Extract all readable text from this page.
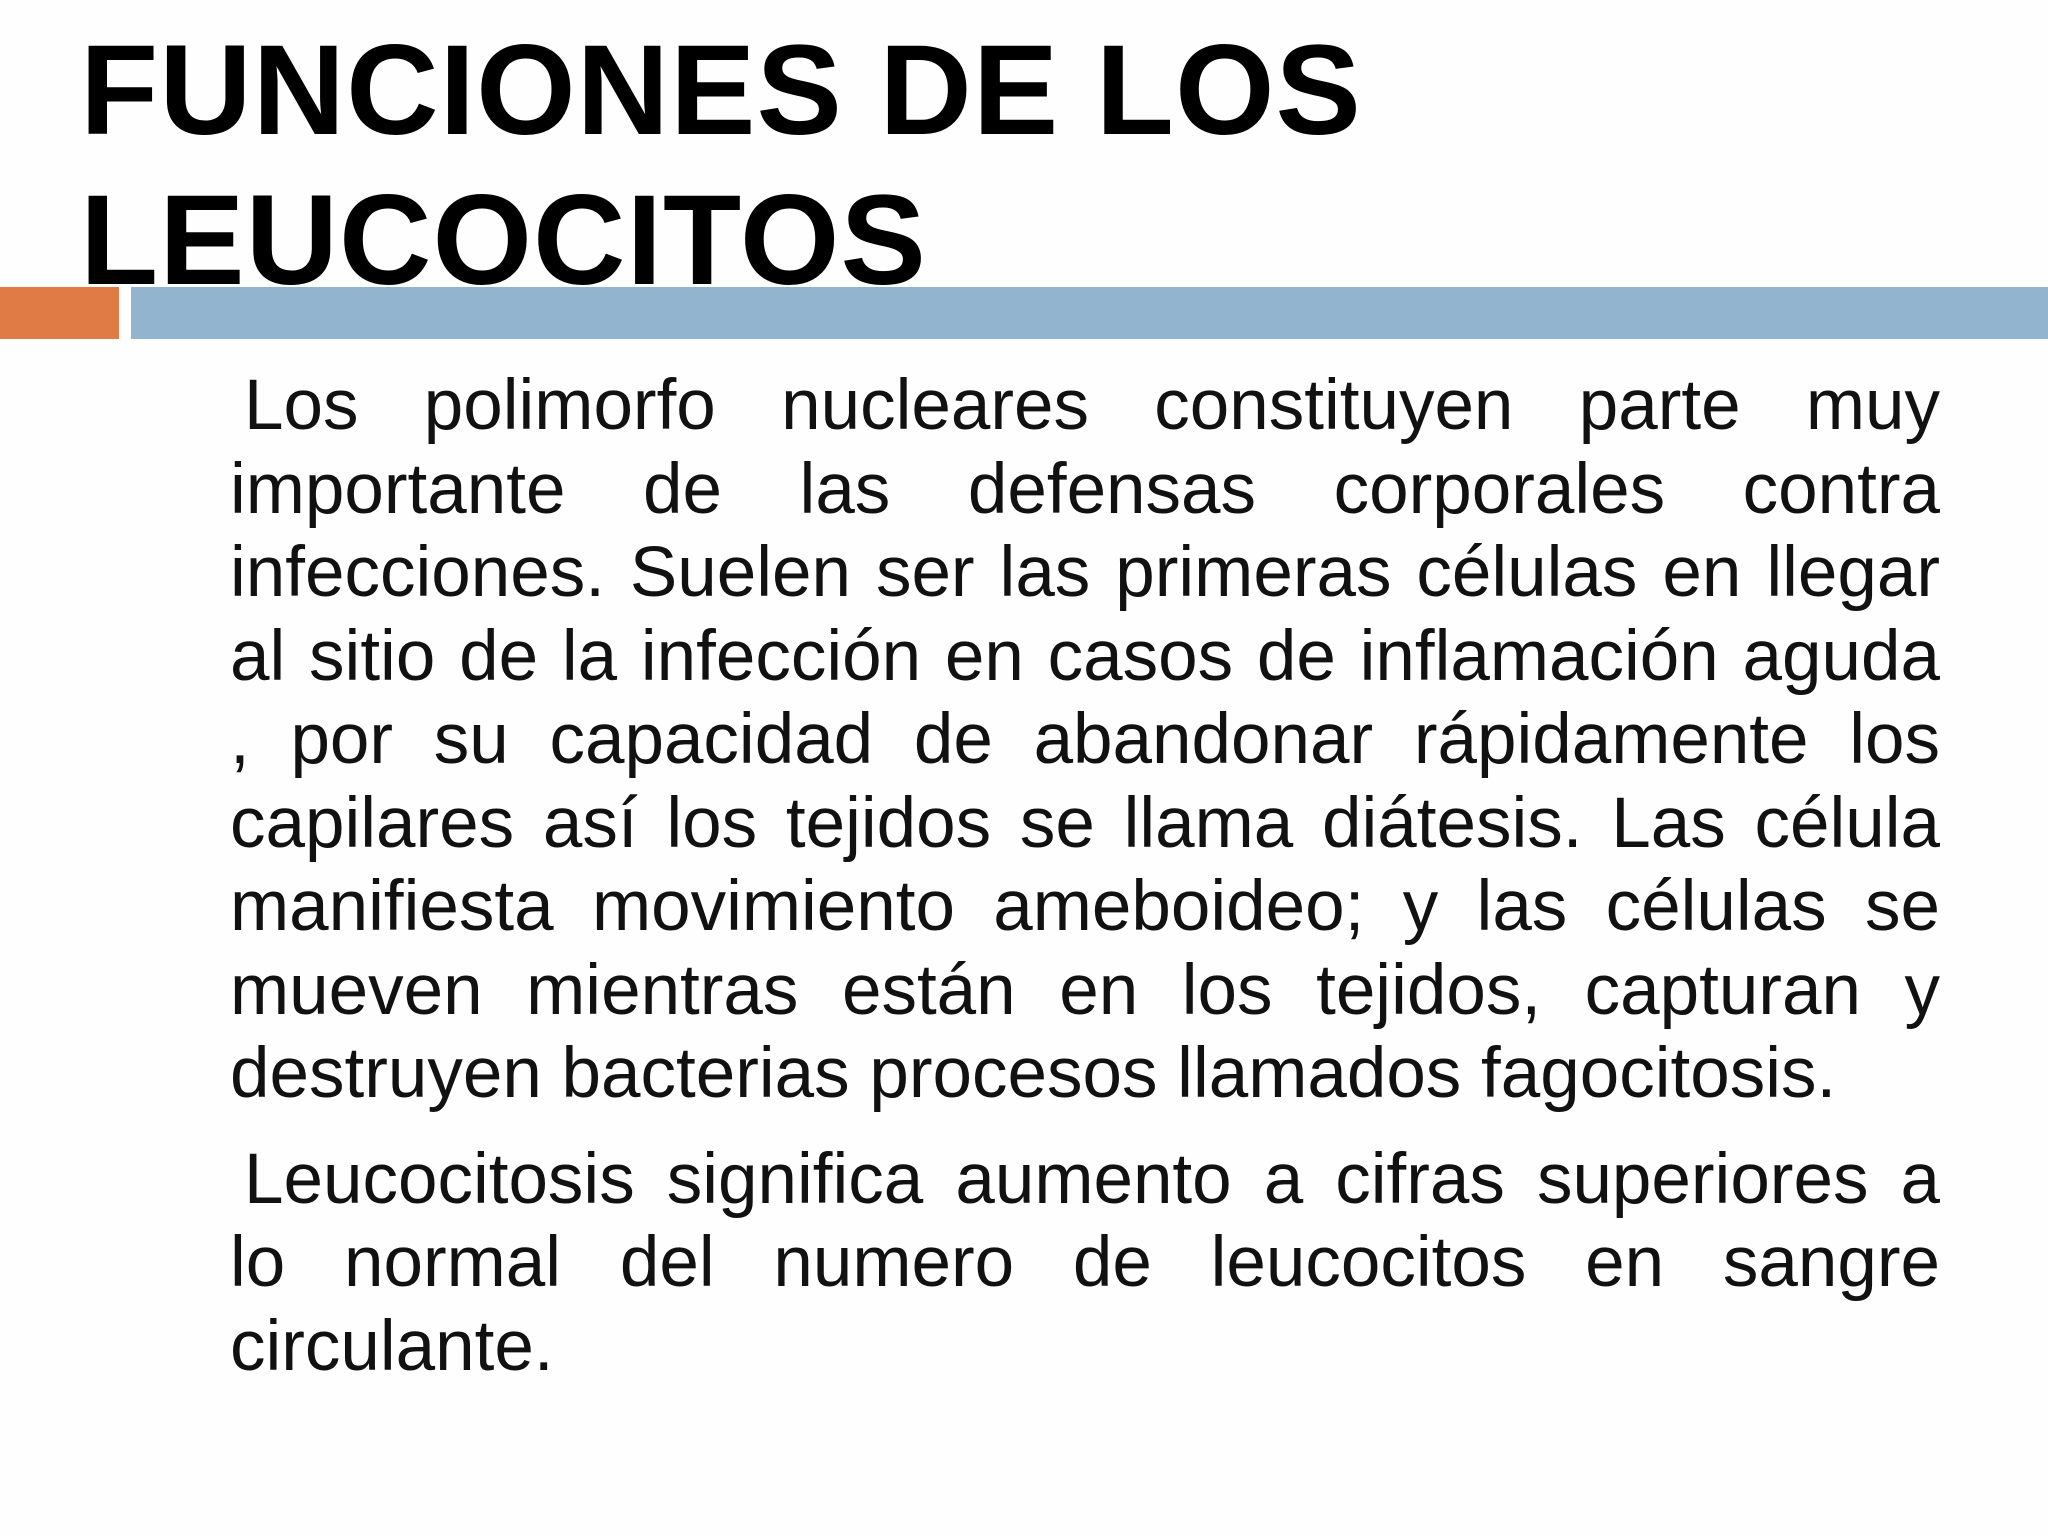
FUNCIONES DE LOS LEUCOCITOS

Los polimorfo nucleares constituyen parte muy importante de las defensas corporales contra infecciones. Suelen ser las primeras células en llegar al sitio de la infección en casos de inflamación aguda , por su capacidad de abandonar rápidamente los capilares así los tejidos se llama diátesis. Las célula manifiesta movimiento ameboideo; y las células se mueven mientras están en los tejidos, capturan y destruyen bacterias procesos llamados fagocitosis.

Leucocitosis significa aumento a cifras superiores a lo normal del numero de leucocitos en sangre circulante.
